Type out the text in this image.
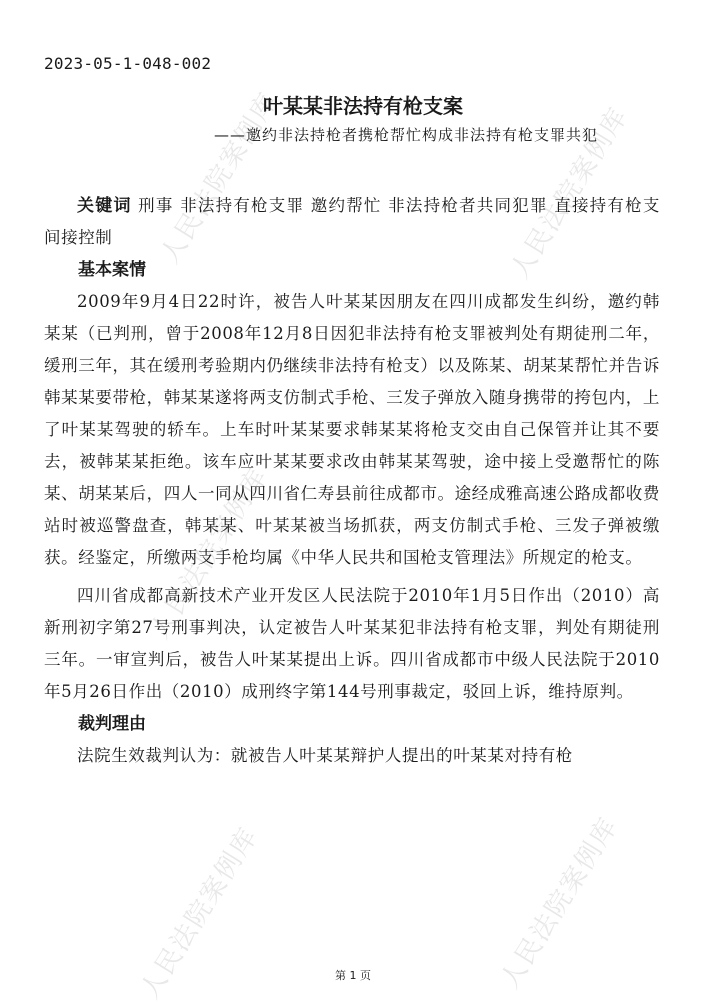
人民法院案例库	人民法院案例库
人民法院案例库
人民法院案例库	人民法院案例库
2023-05-1-048-002
叶某某非法持有枪支案
——邀约非法持枪者携枪帮忙构成非法持有枪支罪共犯

关键词 刑事 非法持有枪支罪 邀约帮忙 非法持枪者共同犯罪 直接持有枪支 间接控制

基本案情

2009年9月4日22时许，被告人叶某某因朋友在四川成都发生纠纷，邀约韩某某（已判刑，曾于2008年12月8日因犯非法持有枪支罪被判处有期徒刑二年，缓刑三年，其在缓刑考验期内仍继续非法持有枪支）以及陈某、胡某某帮忙并告诉韩某某要带枪，韩某某遂将两支仿制式手枪、三发子弹放入随身携带的挎包内，上了叶某某驾驶的轿车。上车时叶某某要求韩某某将枪支交由自己保管并让其不要去，被韩某某拒绝。该车应叶某某要求改由韩某某驾驶，途中接上受邀帮忙的陈某、胡某某后，四人一同从四川省仁寿县前往成都市。途经成雅高速公路成都收费站时被巡警盘查，韩某某、叶某某被当场抓获，两支仿制式手枪、三发子弹被缴获。经鉴定，所缴两支手枪均属《中华人民共和国枪支管理法》所规定的枪支。

四川省成都高新技术产业开发区人民法院于2010年1月5日作出（2010）高新刑初字第27号刑事判决，认定被告人叶某某犯非法持有枪支罪，判处有期徒刑三年。一审宣判后，被告人叶某某提出上诉。四川省成都市中级人民法院于2010年5月26日作出（2010）成刑终字第144号刑事裁定，驳回上诉，维持原判。

裁判理由

法院生效裁判认为：就被告人叶某某辩护人提出的叶某某对持有枪

第 1 页
